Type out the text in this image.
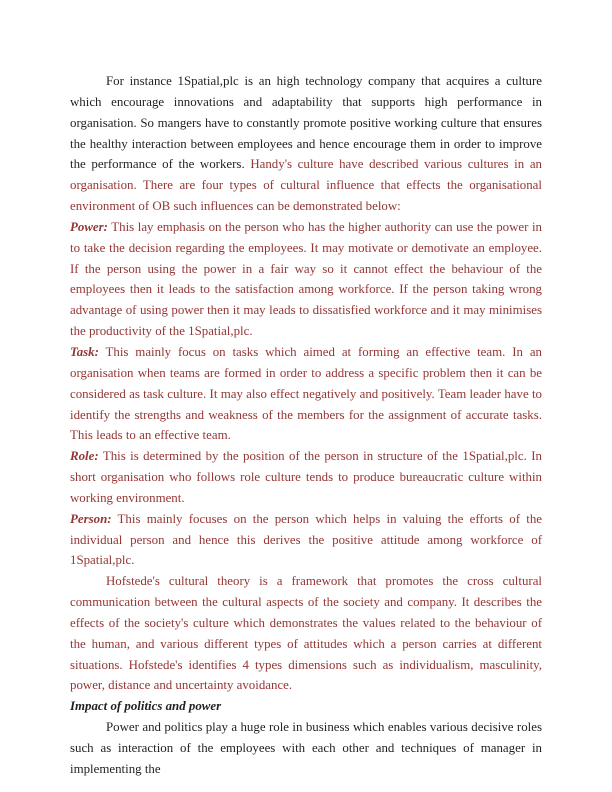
For instance 1Spatial,plc is an high technology company that acquires a culture which encourage innovations and adaptability that supports high performance in organisation. So mangers have to constantly promote positive working culture that ensures the healthy interaction between employees and hence encourage them in order to improve the performance of the workers. Handy's culture have described various cultures in an organisation. There are four types of cultural influence that effects the organisational environment of OB such influences can be demonstrated below:

Power: This lay emphasis on the person who has the higher authority can use the power in to take the decision regarding the employees. It may motivate or demotivate an employee. If the person using the power in a fair way so it cannot effect the behaviour of the employees then it leads to the satisfaction among workforce. If the person taking wrong advantage of using power then it may leads to dissatisfied workforce and it may minimises the productivity of the 1Spatial,plc.

Task: This mainly focus on tasks which aimed at forming an effective team. In an organisation when teams are formed in order to address a specific problem then it can be considered as task culture. It may also effect negatively and positively. Team leader have to identify the strengths and weakness of the members for the assignment of accurate tasks. This leads to an effective team.

Role: This is determined by the position of the person in structure of the 1Spatial,plc. In short organisation who follows role culture tends to produce bureaucratic culture within working environment.

Person: This mainly focuses on the person which helps in valuing the efforts of the individual person and hence this derives the positive attitude among workforce of 1Spatial,plc.

Hofstede's cultural theory is a framework that promotes the cross cultural communication between the cultural aspects of the society and company. It describes the effects of the society's culture which demonstrates the values related to the behaviour of the human, and various different types of attitudes which a person carries at different situations. Hofstede's identifies 4 types dimensions such as individualism, masculinity, power, distance and uncertainty avoidance.

Impact of politics and power

Power and politics play a huge role in business which enables various decisive roles such as interaction of the employees with each other and techniques of manager in implementing the
